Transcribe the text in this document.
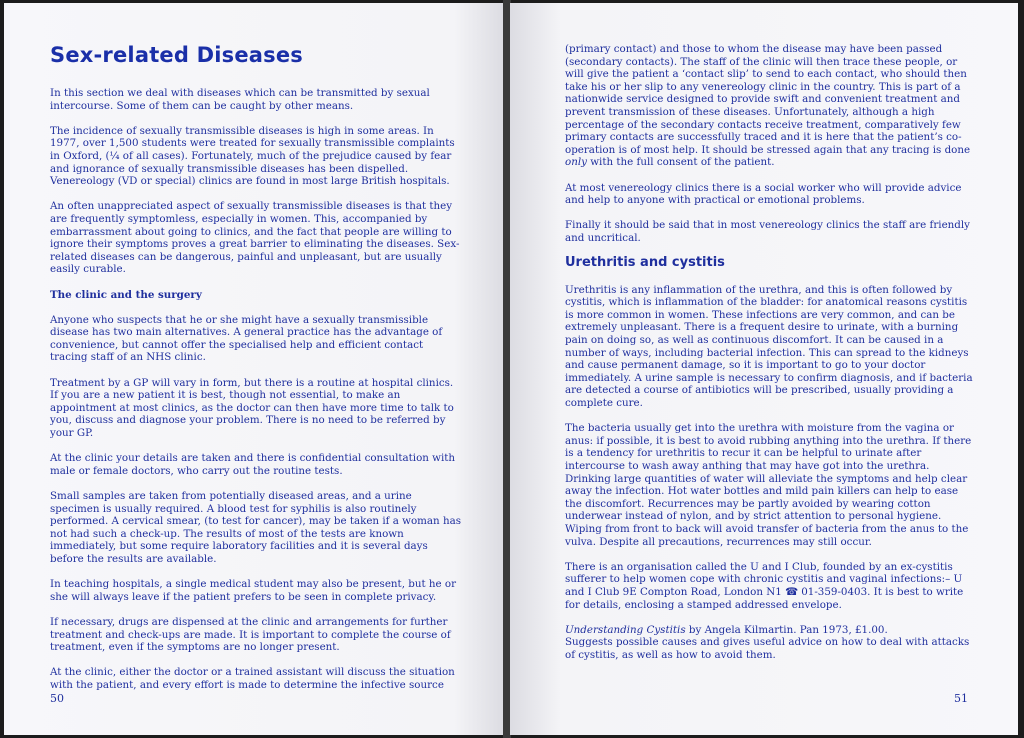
Sex-related Diseases

In this section we deal with diseases which can be transmitted by sexual intercourse. Some of them can be caught by other means.

The incidence of sexually transmissible diseases is high in some areas. In 1977, over 1,500 students were treated for sexually transmissible complaints in Oxford, (¼ of all cases). Fortunately, much of the prejudice caused by fear and ignorance of sexually transmissible diseases has been dispelled. Venereology (VD or special) clinics are found in most large British hospitals.

An often unappreciated aspect of sexually transmissible diseases is that they are frequently symptomless, especially in women. This, accompanied by embarrassment about going to clinics, and the fact that people are willing to ignore their symptoms proves a great barrier to eliminating the diseases. Sex-related diseases can be dangerous, painful and unpleasant, but are usually easily curable.

The clinic and the surgery

Anyone who suspects that he or she might have a sexually transmissible disease has two main alternatives. A general practice has the advantage of convenience, but cannot offer the specialised help and efficient contact tracing staff of an NHS clinic.

Treatment by a GP will vary in form, but there is a routine at hospital clinics. If you are a new patient it is best, though not essential, to make an appointment at most clinics, as the doctor can then have more time to talk to you, discuss and diagnose your problem. There is no need to be referred by your GP.

At the clinic your details are taken and there is confidential consultation with male or female doctors, who carry out the routine tests.

Small samples are taken from potentially diseased areas, and a urine specimen is usually required. A blood test for syphilis is also routinely performed. A cervical smear, (to test for cancer), may be taken if a woman has not had such a check-up. The results of most of the tests are known immediately, but some require laboratory facilities and it is several days before the results are available.

In teaching hospitals, a single medical student may also be present, but he or she will always leave if the patient prefers to be seen in complete privacy.

If necessary, drugs are dispensed at the clinic and arrangements for further treatment and check-ups are made. It is important to complete the course of treatment, even if the symptoms are no longer present.

At the clinic, either the doctor or a trained assistant will discuss the situation with the patient, and every effort is made to determine the infective source

50

(primary contact) and those to whom the disease may have been passed (secondary contacts). The staff of the clinic will then trace these people, or will give the patient a ‘contact slip’ to send to each contact, who should then take his or her slip to any venereology clinic in the country. This is part of a nationwide service designed to provide swift and convenient treatment and prevent transmission of these diseases. Unfortunately, although a high percentage of the secondary contacts receive treatment, comparatively few primary contacts are successfully traced and it is here that the patient’s co-operation is of most help. It should be stressed again that any tracing is done only with the full consent of the patient.

At most venereology clinics there is a social worker who will provide advice and help to anyone with practical or emotional problems.

Finally it should be said that in most venereology clinics the staff are friendly and uncritical.

Urethritis and cystitis

Urethritis is any inflammation of the urethra, and this is often followed by cystitis, which is inflammation of the bladder: for anatomical reasons cystitis is more common in women. These infections are very common, and can be extremely unpleasant. There is a frequent desire to urinate, with a burning pain on doing so, as well as continuous discomfort. It can be caused in a number of ways, including bacterial infection. This can spread to the kidneys and cause permanent damage, so it is important to go to your doctor immediately. A urine sample is necessary to confirm diagnosis, and if bacteria are detected a course of antibiotics will be prescribed, usually providing a complete cure.

The bacteria usually get into the urethra with moisture from the vagina or anus: if possible, it is best to avoid rubbing anything into the urethra. If there is a tendency for urethritis to recur it can be helpful to urinate after intercourse to wash away anthing that may have got into the urethra. Drinking large quantities of water will alleviate the symptoms and help clear away the infection. Hot water bottles and mild pain killers can help to ease the discomfort. Recurrences may be partly avoided by wearing cotton underwear instead of nylon, and by strict attention to personal hygiene. Wiping from front to back will avoid transfer of bacteria from the anus to the vulva. Despite all precautions, recurrences may still occur.

There is an organisation called the U and I Club, founded by an ex-cystitis sufferer to help women cope with chronic cystitis and vaginal infections:– U and I Club 9E Compton Road, London N1 ☎ 01-359-0403. It is best to write for details, enclosing a stamped addressed envelope.

Understanding Cystitis by Angela Kilmartin. Pan 1973, £1.00.

Suggests possible causes and gives useful advice on how to deal with attacks of cystitis, as well as how to avoid them.

51
